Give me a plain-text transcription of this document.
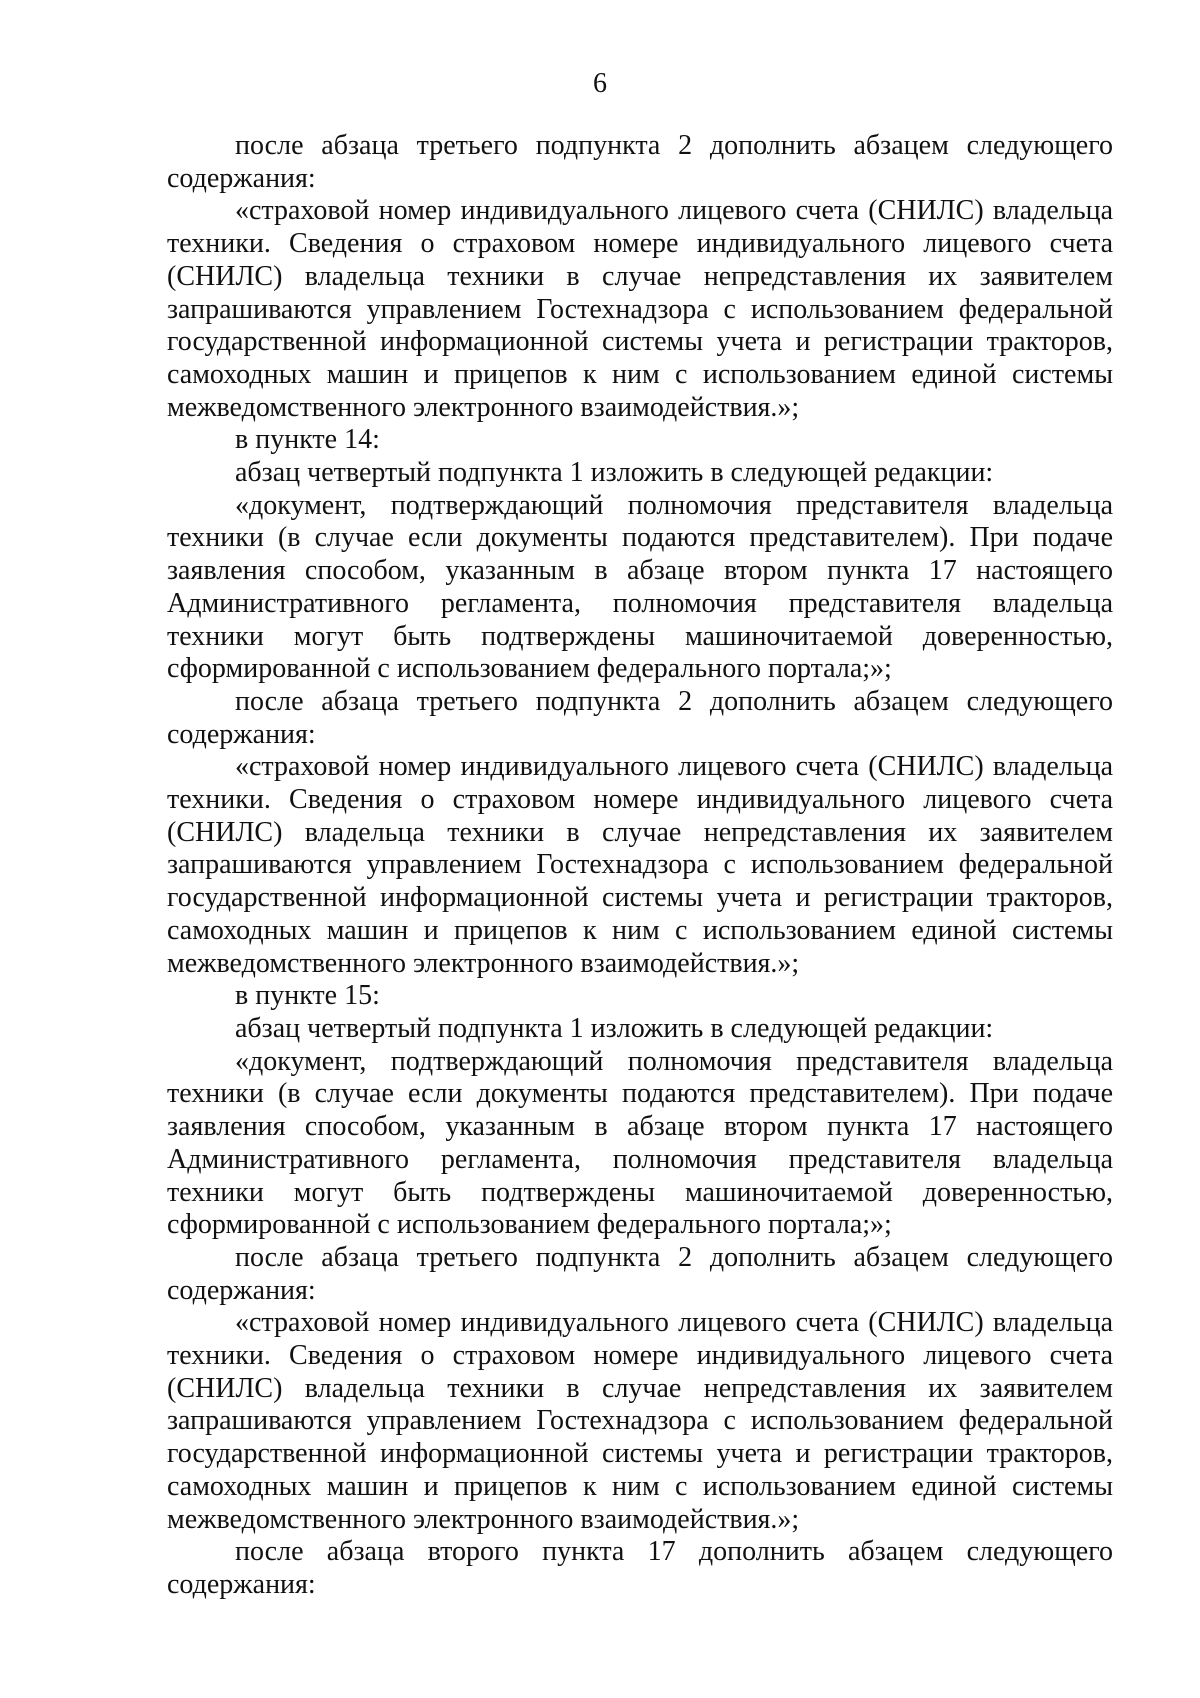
6

после абзаца третьего подпункта 2 дополнить абзацем следующего содержания:

«страховой номер индивидуального лицевого счета (СНИЛС) владельца техники. Сведения о страховом номере индивидуального лицевого счета (СНИЛС) владельца техники в случае непредставления их заявителем запрашиваются управлением Гостехнадзора с использованием федеральной государственной информационной системы учета и регистрации тракторов, самоходных машин и прицепов к ним с использованием единой системы межведомственного электронного взаимодействия.»;

в пункте 14:

абзац четвертый подпункта 1 изложить в следующей редакции:

«документ, подтверждающий полномочия представителя владельца техники (в случае если документы подаются представителем). При подаче заявления способом, указанным в абзаце втором пункта 17 настоящего Административного регламента, полномочия представителя владельца техники могут быть подтверждены машиночитаемой доверенностью, сформированной с использованием федерального портала;»;

после абзаца третьего подпункта 2 дополнить абзацем следующего содержания:

«страховой номер индивидуального лицевого счета (СНИЛС) владельца техники. Сведения о страховом номере индивидуального лицевого счета (СНИЛС) владельца техники в случае непредставления их заявителем запрашиваются управлением Гостехнадзора с использованием федеральной государственной информационной системы учета и регистрации тракторов, самоходных машин и прицепов к ним с использованием единой системы межведомственного электронного взаимодействия.»;

в пункте 15:

абзац четвертый подпункта 1 изложить в следующей редакции:

«документ, подтверждающий полномочия представителя владельца техники (в случае если документы подаются представителем). При подаче заявления способом, указанным в абзаце втором пункта 17 настоящего Административного регламента, полномочия представителя владельца техники могут быть подтверждены машиночитаемой доверенностью, сформированной с использованием федерального портала;»;

после абзаца третьего подпункта 2 дополнить абзацем следующего содержания:

«страховой номер индивидуального лицевого счета (СНИЛС) владельца техники. Сведения о страховом номере индивидуального лицевого счета (СНИЛС) владельца техники в случае непредставления их заявителем запрашиваются управлением Гостехнадзора с использованием федеральной государственной информационной системы учета и регистрации тракторов, самоходных машин и прицепов к ним с использованием единой системы межведомственного электронного взаимодействия.»;

после абзаца второго пункта 17 дополнить абзацем следующего содержания:
